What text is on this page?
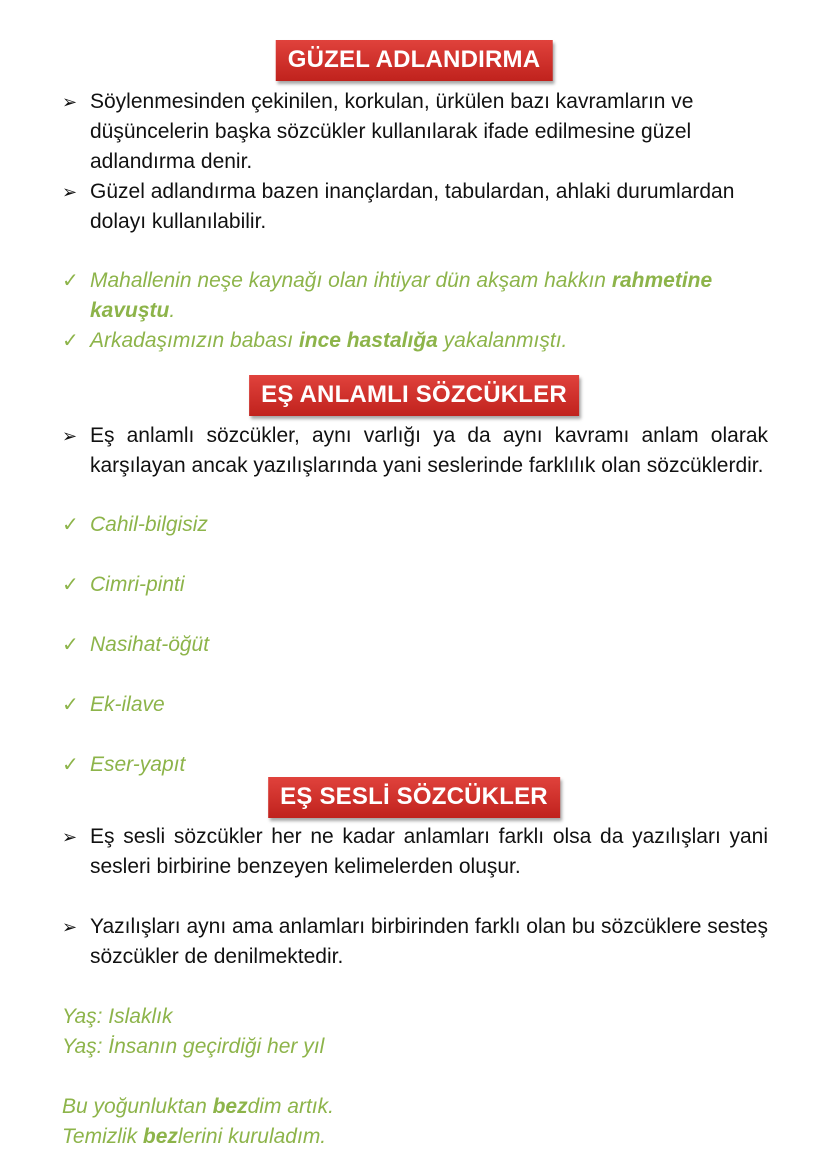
GÜZEL ADLANDIRMA
➢ Söylenmesinden çekinilen, korkulan, ürkülen bazı kavramların ve düşüncelerin başka sözcükler kullanılarak ifade edilmesine güzel adlandırma denir.
➢ Güzel adlandırma bazen inançlardan, tabulardan, ahlaki durumlardan dolayı kullanılabilir.
✓ Mahallenin neşe kaynağı olan ihtiyar dün akşam hakkın rahmetine kavuştu.
✓ Arkadaşımızın babası ince hastalığa yakalanmıştı.
EŞ ANLAMLI SÖZCÜKLER
➢ Eş anlamlı sözcükler, aynı varlığı ya da aynı kavramı anlam olarak karşılayan ancak yazılışlarında yani seslerinde farklılık olan sözcüklerdir.
✓ Cahil-bilgisiz
✓ Cimri-pinti
✓ Nasihat-öğüt
✓ Ek-ilave
✓ Eser-yapıt
EŞ SESLİ SÖZCÜKLER
➢ Eş sesli sözcükler her ne kadar anlamları farklı olsa da yazılışları yani sesleri birbirine benzeyen kelimelerden oluşur.
➢ Yazılışları aynı ama anlamları birbirinden farklı olan bu sözcüklere sesteş sözcükler de denilmektedir.
Yaş: Islaklık
Yaş: İnsanın geçirdiği her yıl
Bu yoğunluktan bezdim artık.
Temizlik bezlerini kuruladım.
